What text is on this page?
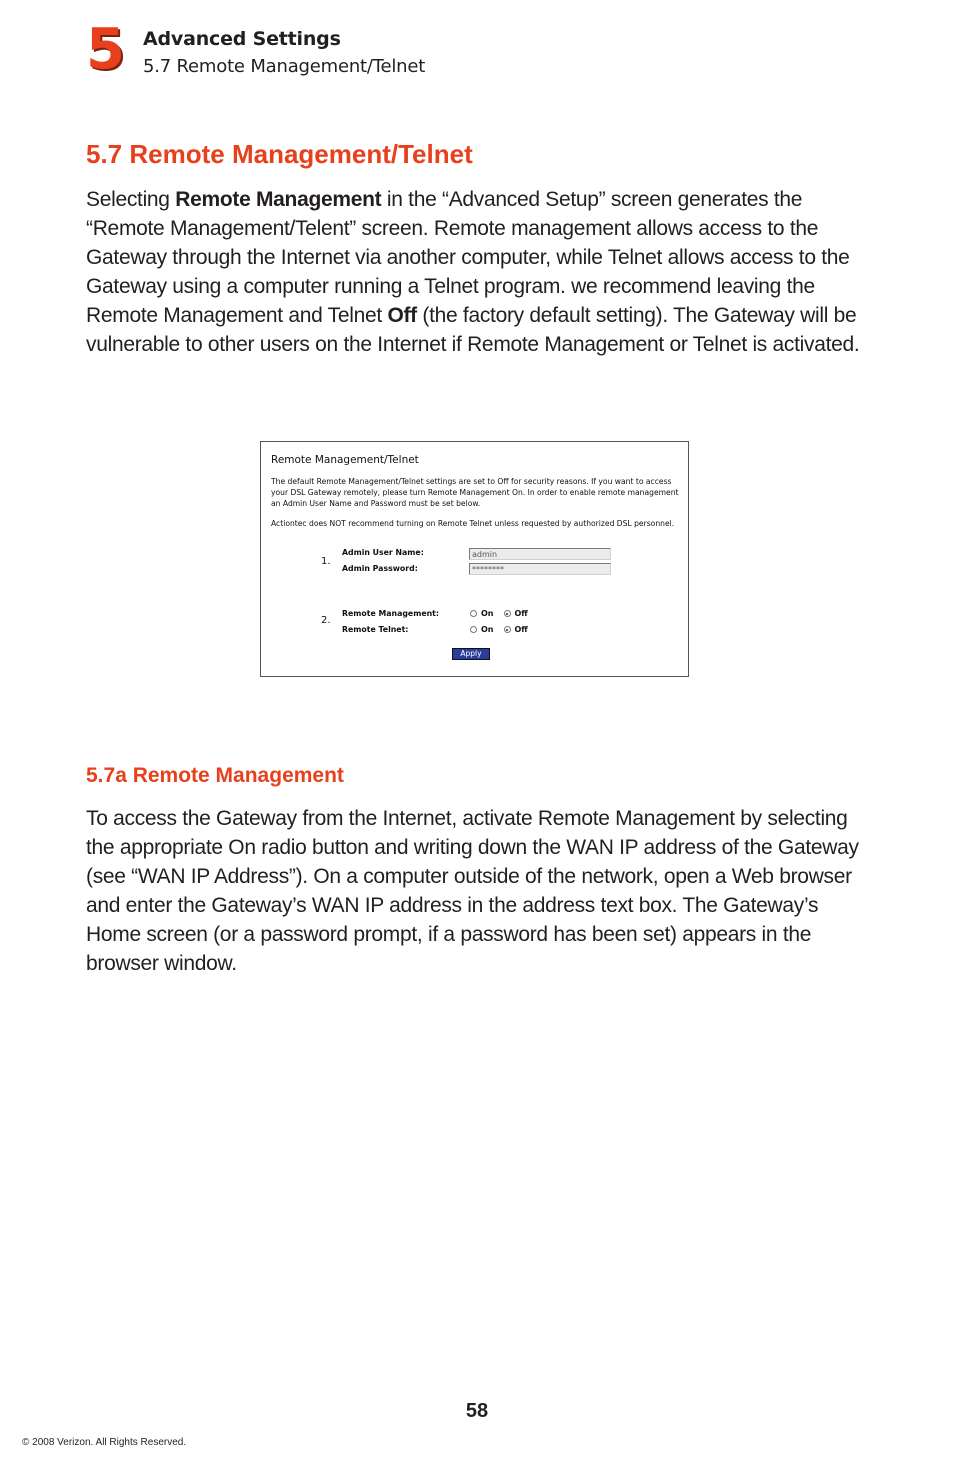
5 Advanced Settings
5.7 Remote Management/Telnet
5.7 Remote Management/Telnet

Selecting Remote Management in the “Advanced Setup” screen generates the “Remote Management/Telent” screen. Remote management allows access to the Gateway through the Internet via another computer, while Telnet allows access to the Gateway using a computer running a Telnet program. we recommend leaving the Remote Management and Telnet Off (the factory default setting). The Gateway will be vulnerable to other users on the Internet if Remote Management or Telnet is activated.

Remote Management/Telnet

The default Remote Management/Telnet settings are set to Off for security reasons. If you want to access your DSL Gateway remotely, please turn Remote Management On. In order to enable remote management an Admin User Name and Password must be set below.

Actiontec does NOT recommend turning on Remote Telnet unless requested by authorized DSL personnel.

1.
Admin User Name:
admin
Admin Password:
********
2.
Remote Management:	On	Off
Remote Telnet:	On	Off
Apply
5.7a Remote Management

To access the Gateway from the Internet, activate Remote Management by selecting the appropriate On radio button and writing down the WAN IP address of the Gateway (see “WAN IP Address”). On a computer outside of the network, open a Web browser and enter the Gateway’s WAN IP address in the address text box. The Gateway’s Home screen (or a password prompt, if a password has been set) appears in the browser window.

58
© 2008 Verizon. All Rights Reserved.
